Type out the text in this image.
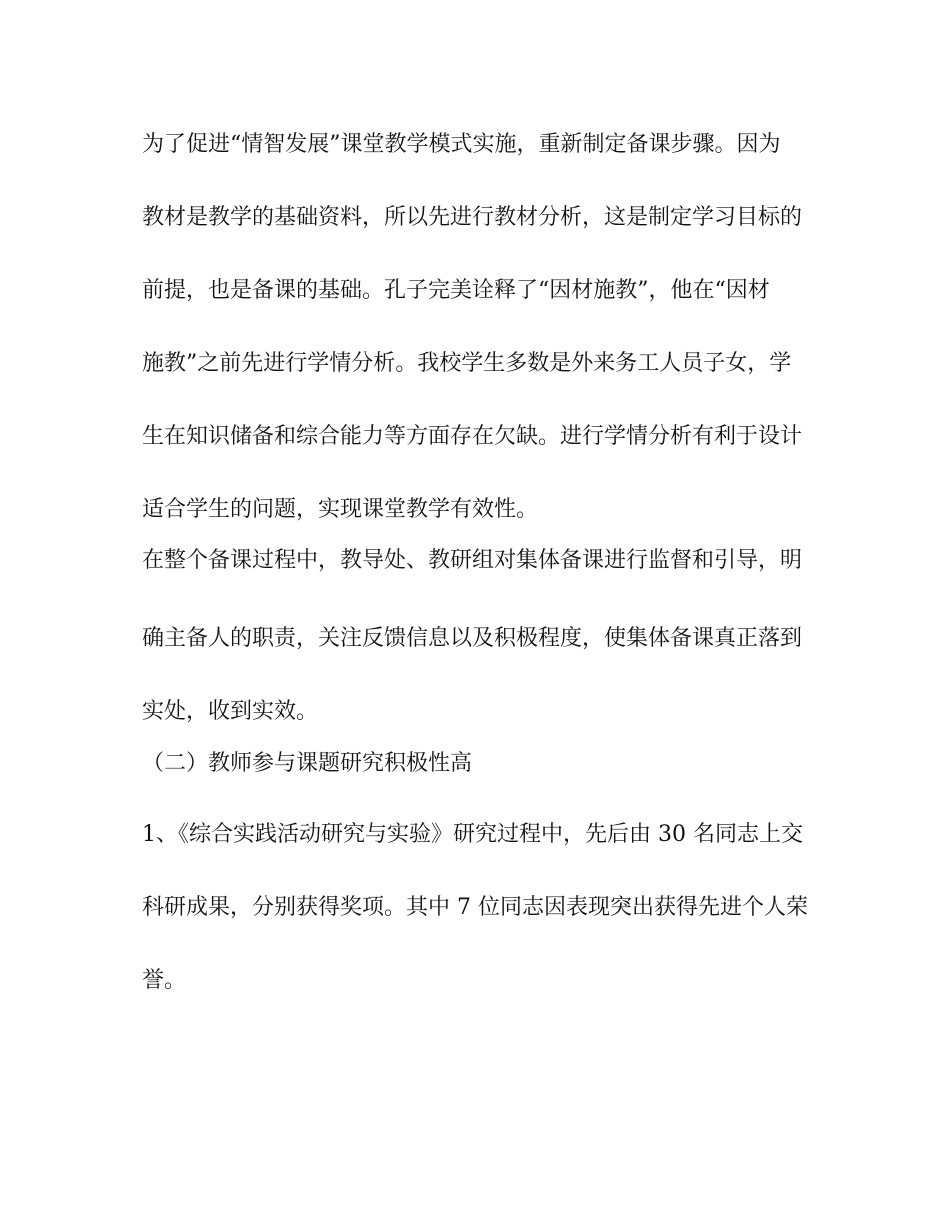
为了促进“情智发展”课堂教学模式实施，重新制定备课步骤。因为
教材是教学的基础资料，所以先进行教材分析，这是制定学习目标的
前提，也是备课的基础。孔子完美诠释了“因材施教”，他在“因材
施教”之前先进行学情分析。我校学生多数是外来务工人员子女，学
生在知识储备和综合能力等方面存在欠缺。进行学情分析有利于设计
适合学生的问题，实现课堂教学有效性。
在整个备课过程中，教导处、教研组对集体备课进行监督和引导，明
确主备人的职责，关注反馈信息以及积极程度，使集体备课真正落到
实处，收到实效。
（二）教师参与课题研究积极性高
1、《综合实践活动研究与实验》研究过程中，先后由 30 名同志上交
科研成果，分别获得奖项。其中 7 位同志因表现突出获得先进个人荣
誉。
